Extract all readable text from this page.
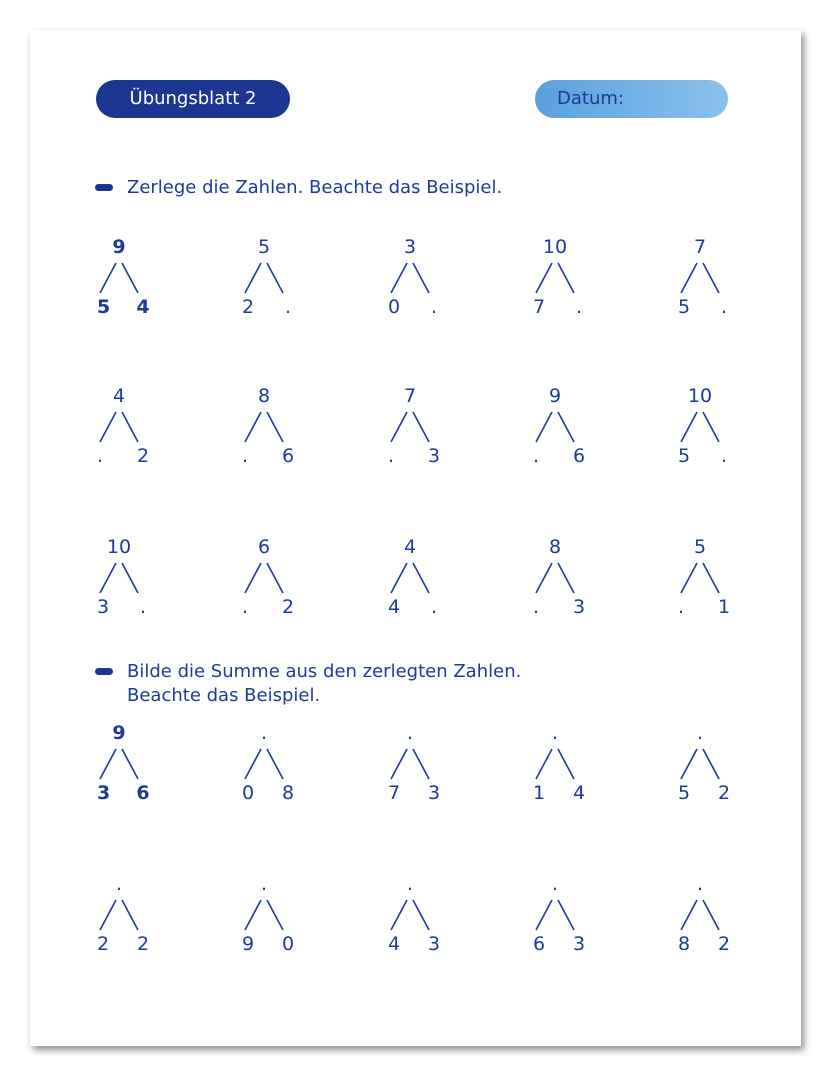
Übungsblatt 2	Datum:
Zerlege die Zahlen. Beachte das Beispiel.
9
5 4
5
2	.
3
0	.
10
7	.
7
5	.
4
.	2
8
.	6
7
.	3
9
.	6
10
5	.
10
3	.
6
.	2
4
4	.
8
.	3
5
.	1
Bilde die Summe aus den zerlegten Zahlen.
Beachte das Beispiel.
9
3 6
.
0	8
.
7	3
.
1	4
.
5	2
.
2	2
.
9	0
.
4	3
.
6	3
.
8	2
